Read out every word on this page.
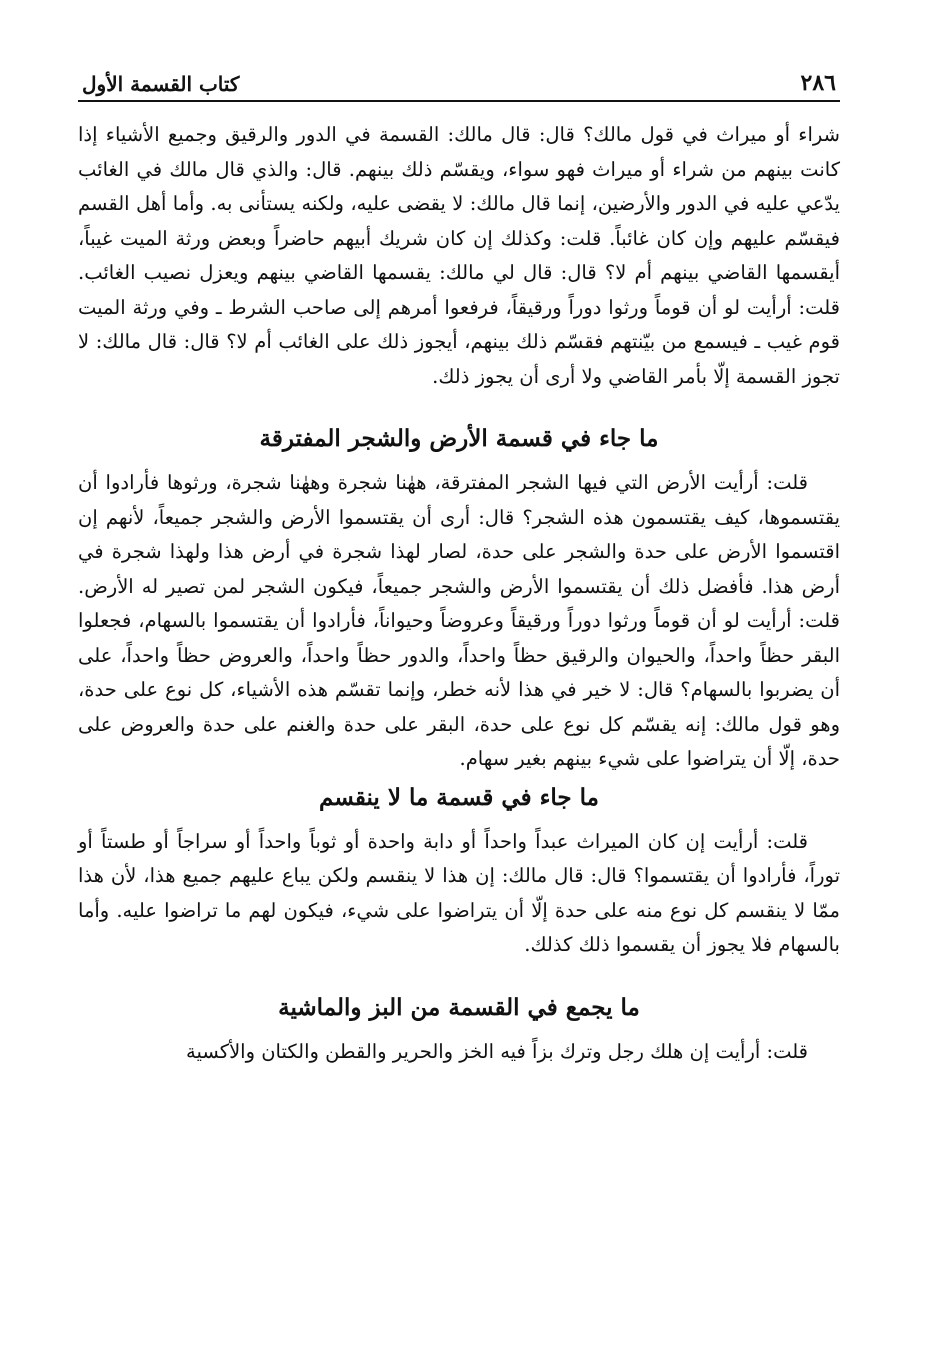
٢٨٦
كتاب القسمة الأول

شراء أو ميراث في قول مالك؟ قال: قال مالك: القسمة في الدور والرقيق وجميع الأشياء إذا كانت بينهم من شراء أو ميراث فهو سواء، ويقسّم ذلك بينهم. قال: والذي قال مالك في الغائب يدّعي عليه في الدور والأرضين، إنما قال مالك: لا يقضى عليه، ولكنه يستأنى به. وأما أهل القسم فيقسّم عليهم وإن كان غائباً. قلت: وكذلك إن كان شريك أبيهم حاضراً وبعض ورثة الميت غيباً، أيقسمها القاضي بينهم أم لا؟ قال: قال لي مالك: يقسمها القاضي بينهم ويعزل نصيب الغائب. قلت: أرأيت لو أن قوماً ورثوا دوراً ورقيقاً، فرفعوا أمرهم إلى صاحب الشرط ـ وفي ورثة الميت قوم غيب ـ فيسمع من بيّنتهم فقسّم ذلك بينهم، أيجوز ذلك على الغائب أم لا؟ قال: قال مالك: لا تجوز القسمة إلّا بأمر القاضي ولا أرى أن يجوز ذلك.

ما جاء في قسمة الأرض والشجر المفترقة

قلت: أرأيت الأرض التي فيها الشجر المفترقة، ههٰنا شجرة وههٰنا شجرة، ورثوها فأرادوا أن يقتسموها، كيف يقتسمون هذه الشجر؟ قال: أرى أن يقتسموا الأرض والشجر جميعاً، لأنهم إن اقتسموا الأرض على حدة والشجر على حدة، لصار لهذا شجرة في أرض هذا ولهذا شجرة في أرض هذا. فأفضل ذلك أن يقتسموا الأرض والشجر جميعاً، فيكون الشجر لمن تصير له الأرض. قلت: أرأيت لو أن قوماً ورثوا دوراً ورقيقاً وعروضاً وحيواناً، فأرادوا أن يقتسموا بالسهام، فجعلوا البقر حظاً واحداً، والحيوان والرقيق حظاً واحداً، والدور حظاً واحداً، والعروض حظاً واحداً، على أن يضربوا بالسهام؟ قال: لا خير في هذا لأنه خطر، وإنما تقسّم هذه الأشياء، كل نوع على حدة، وهو قول مالك: إنه يقسّم كل نوع على حدة، البقر على حدة والغنم على حدة والعروض على حدة، إلّا أن يتراضوا على شيء بينهم بغير سهام.

ما جاء في قسمة ما لا ينقسم

قلت: أرأيت إن كان الميراث عبداً واحداً أو دابة واحدة أو ثوباً واحداً أو سراجاً أو طستاً أو توراً، فأرادوا أن يقتسموا؟ قال: قال مالك: إن هذا لا ينقسم ولكن يباع عليهم جميع هذا، لأن هذا ممّا لا ينقسم كل نوع منه على حدة إلّا أن يتراضوا على شيء، فيكون لهم ما تراضوا عليه. وأما بالسهام فلا يجوز أن يقسموا ذلك كذلك.

ما يجمع في القسمة من البز والماشية

قلت: أرأيت إن هلك رجل وترك بزاً فيه الخز والحرير والقطن والكتان والأكسية
